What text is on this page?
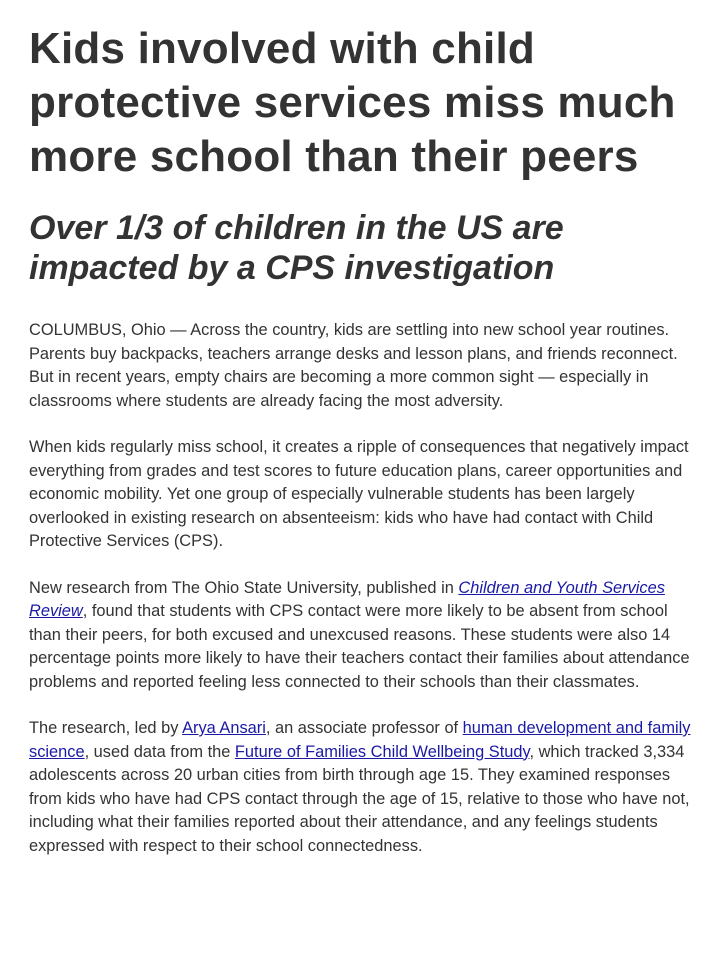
Kids involved with child protective services miss much more school than their peers
Over 1/3 of children in the US are impacted by a CPS investigation

COLUMBUS, Ohio — Across the country, kids are settling into new school year routines. Parents buy backpacks, teachers arrange desks and lesson plans, and friends reconnect. But in recent years, empty chairs are becoming a more common sight — especially in classrooms where students are already facing the most adversity.

When kids regularly miss school, it creates a ripple of consequences that negatively impact everything from grades and test scores to future education plans, career opportunities and economic mobility. Yet one group of especially vulnerable students has been largely overlooked in existing research on absenteeism: kids who have had contact with Child Protective Services (CPS).

New research from The Ohio State University, published in Children and Youth Services Review, found that students with CPS contact were more likely to be absent from school than their peers, for both excused and unexcused reasons. These students were also 14 percentage points more likely to have their teachers contact their families about attendance problems and reported feeling less connected to their schools than their classmates.

The research, led by Arya Ansari, an associate professor of human development and family science, used data from the Future of Families Child Wellbeing Study, which tracked 3,334 adolescents across 20 urban cities from birth through age 15. They examined responses from kids who have had CPS contact through the age of 15, relative to those who have not, including what their families reported about their attendance, and any feelings students expressed with respect to their school connectedness.
